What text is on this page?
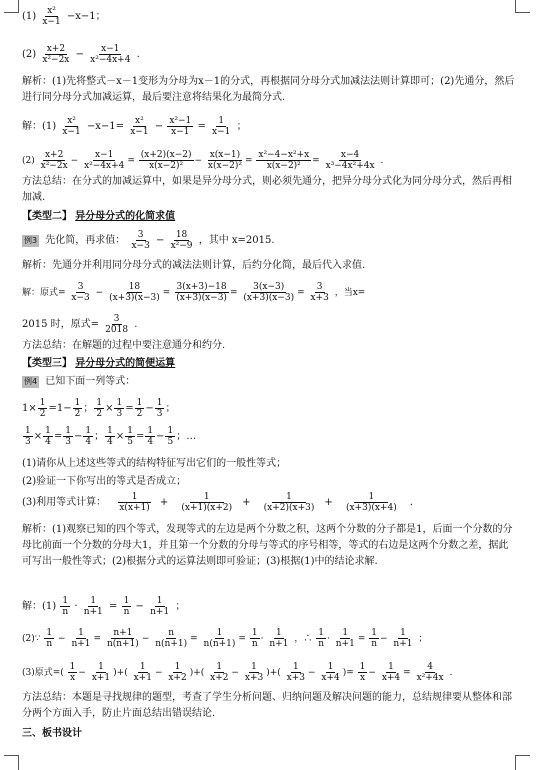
$(1) \frac{\text{x²}}{x-1} -x-1$；
$(2) \frac{x+2}{\text{x²−2x}} - \frac{x-1}{\text{x²−4x+4}}$ .
解析：(1)先将整式－x－1变形为分母为x－1的分式，再根据同分母分式加减法法则计算即可；(2)先通分，然后进行同分母分式加减运算，最后要注意将结果化为最简分式.
解：$(1) \frac{\text{x²}}{x-1} -x-1= \frac{\text{x²}}{x-1} - \frac{\text{x²−1}}{x-1} = \frac{1}{x-1}$ ；
$(2) \frac{x+2}{\text{x²−2x}} - \frac{x-1}{\text{x²−4x+4}} = \frac{(x+2)(x-2)}{\text{x(x−2)²}} - \frac{x(x-1)}{\text{x(x−2)²}} = \frac{\text{x²−4−x²+x}}{\text{x(x−2)²}} = \frac{x-4}{\text{x³−4x²+4x}}$ .
方法总结：在分式的加减运算中，如果是异分母分式，则必须先通分，把异分母分式化为同分母分式，然后再相加减.
【类型二】 异分母分式的化简求值
例3 先化简，再求值： $\frac{3}{x-3} - \frac{18}{\text{x²−9}}$ ，其中 x=2015.
解析：先通分并利用同分母分式的减法法则计算，后约分化简，最后代入求值.
解：原式= $\frac{3}{x-3} - \frac{18}{(x+3)(x-3)} = \frac{3(x+3)-18}{(x+3)(x-3)} = \frac{3(x-3)}{(x+3)(x-3)} = \frac{3}{x+3}$ ，当x=
2015 时，原式= $\frac{3}{2018}$ .
方法总结：在解题的过程中要注意通分和约分.
【类型三】 异分母分式的简便运算
例4 已知下面一列等式：
$1\times \frac{1}{2} =1- \frac{1}{2}$ ； $\frac{1}{2} \times \frac{1}{3} = \frac{1}{2} - \frac{1}{3}$ ；
$\frac{1}{3} \times \frac{1}{4} = \frac{1}{3} - \frac{1}{4}$ ； $\frac{1}{4} \times \frac{1}{5} = \frac{1}{4} - \frac{1}{5}$ ；…
(1)请你从上述这些等式的结构特征写出它们的一般性等式；
(2)验证一下你写出的等式是否成立；
(3)利用等式计算： $\frac{1}{x(x+1)} + \frac{1}{(x+1)(x+2)} + \frac{1}{(x+2)(x+3)} + \frac{1}{(x+3)(x+4)}$ .
解析：(1)观察已知的四个等式，发现等式的左边是两个分数之积，这两个分数的分子都是1，后面一个分数的分母比前面一个分数的分母大1，并且第一个分数的分母与等式的序号相等，等式的右边是这两个分数之差，据此可写出一般性等式；(2)根据分式的运算法则即可验证；(3)根据(1)中的结论求解.
解：$(1) \frac{1}{n} \cdot \frac{1}{n+1} = \frac{1}{n} - \frac{1}{n+1}$ ；
(2)∵ $\frac{1}{n} - \frac{1}{n+1} = \frac{n+1}{n(n+1)} - \frac{n}{n(n+1)} = \frac{1}{n(n+1)} = \frac{1}{n} \cdot \frac{1}{n+1}$ ，∴ $\frac{1}{n} \cdot \frac{1}{n+1} = \frac{1}{n} - \frac{1}{n+1}$ ；
(3)原式=( $\frac{1}{x} - \frac{1}{x+1}$ )+( $\frac{1}{x+1} - \frac{1}{x+2}$ )+( $\frac{1}{x+2} - \frac{1}{x+3}$ )+( $\frac{1}{x+3} - \frac{1}{x+4}$ )= $\frac{1}{x} - \frac{1}{x+4} = \frac{4}{\text{x²+4x}}$ .
方法总结：本题是寻找规律的题型，考查了学生分析问题、归纳问题及解决问题的能力，总结规律要从整体和部分两个方面入手，防止片面总结出错误结论.
三、板书设计
